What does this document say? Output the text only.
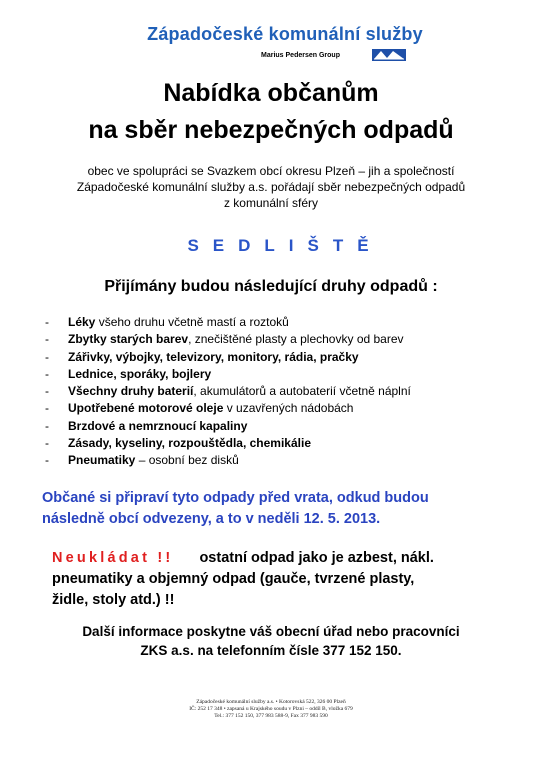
Západočeské komunální služby
Marius Pedersen Group
Nabídka občanům
na sběr nebezpečných odpadů
obec ve spolupráci se Svazkem obcí okresu Plzeň – jih a společností
Západočeské komunální služby a.s. pořádají sběr nebezpečných odpadů
z komunální sféry
SEDLIŠTĚ
Přijímány budou následující druhy odpadů :
- Léky všeho druhu včetně mastí a roztoků
- Zbytky starých barev, znečištěné plasty a plechovky od barev
- Zářivky, výbojky, televizory, monitory, rádia, pračky
- Lednice, sporáky, bojlery
- Všechny druhy baterií, akumulátorů a autobaterií včetně náplní
- Upotřebené motorové oleje v uzavřených nádobách
- Brzdové a nemrznoucí kapaliny
- Zásady, kyseliny, rozpouštědla, chemikálie
- Pneumatiky – osobní bez disků
Občané si připraví tyto odpady před vrata, odkud budou
následně obcí odvezeny, a to v neděli 12. 5. 2013.
Neukládat !! ostatní odpad jako je azbest, nákl.
pneumatiky a objemný odpad (gauče, tvrzené plasty,
židle, stoly atd.) !!
Další informace poskytne váš obecní úřad nebo pracovníci
ZKS a.s. na telefonním čísle 377 152 150.
Západočeské komunální služby a.s. • Kotorovská 522, 326 00 Plzeň
IČ: 252 17 348 • zapsaná u Krajského soudu v Plzni – oddíl B, vložka 679
Tel.: 377 152 150, 377 983 588-9, Fax 377 983 590
